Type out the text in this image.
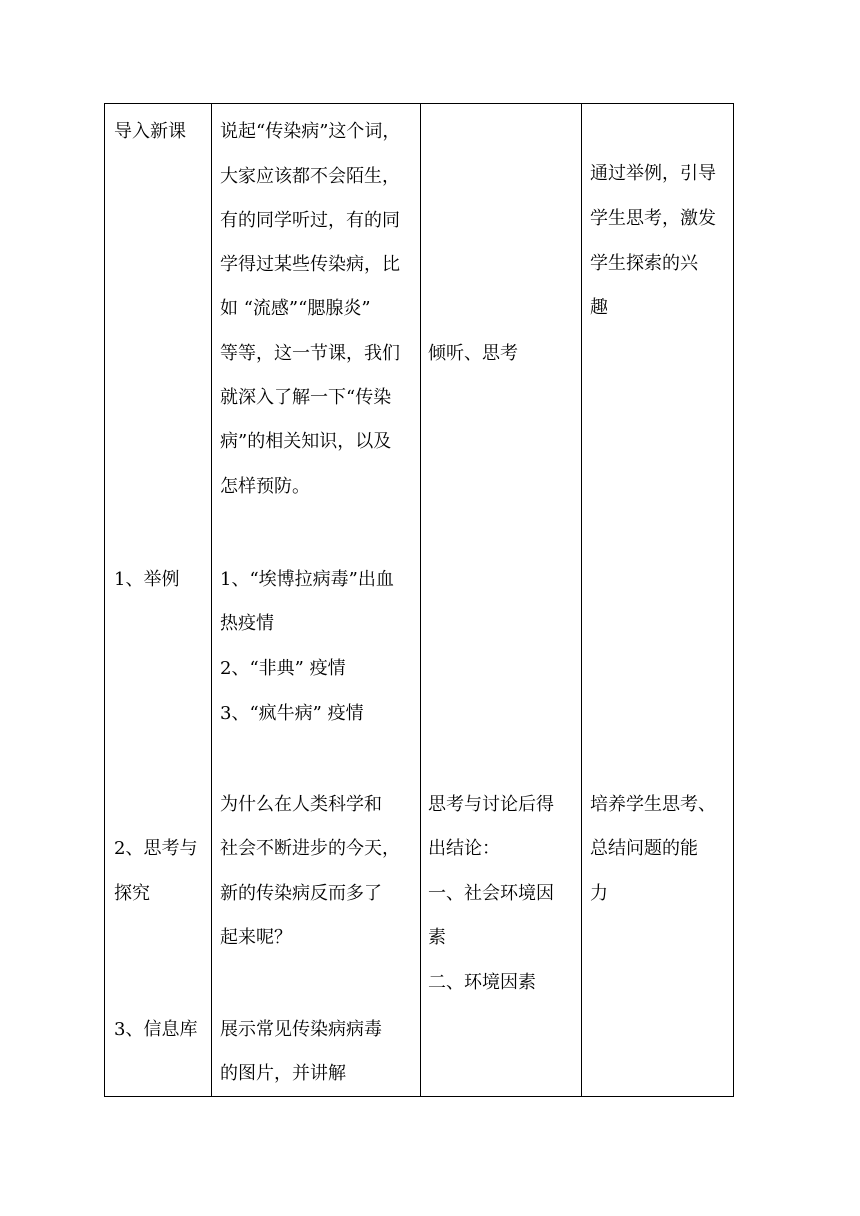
导入新课
1、举例
2、思考与
探究
3、信息库
说起“传染病”这个词，
大家应该都不会陌生，
有的同学听过，有的同
学得过某些传染病，比
如 “流感”“腮腺炎”
等等，这一节课，我们
就深入了解一下“传染
病”的相关知识，以及
怎样预防。
1、“埃博拉病毒”出血
热疫情
2、“非典” 疫情
3、“疯牛病” 疫情
为什么在人类科学和
社会不断进步的今天，
新的传染病反而多了
起来呢？
展示常见传染病病毒
的图片，并讲解
倾听、思考
思考与讨论后得
出结论：
一、社会环境因
素
二、环境因素
通过举例，引导
学生思考，激发
学生探索的兴
趣
培养学生思考、
总结问题的能
力
